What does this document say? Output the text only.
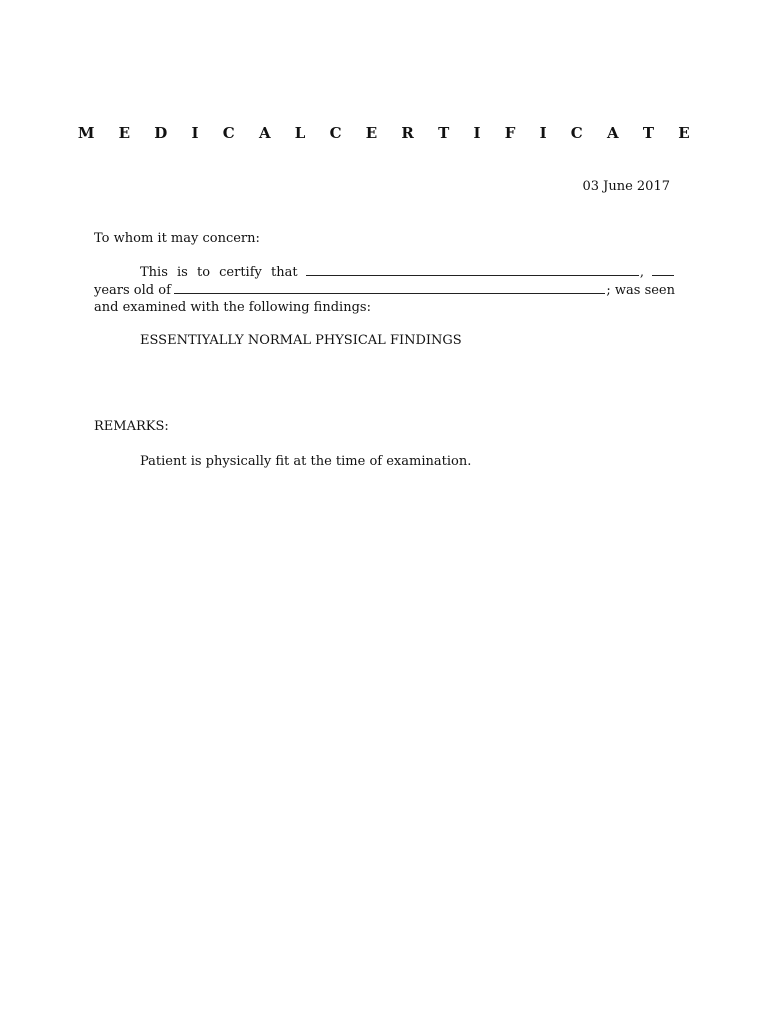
M E D I C A L C E R T I F I C A T E
03 June 2017
To whom it may concern:
This is to certify that	,
years old of	; was seen
and examined with the following findings:
ESSENTIYALLY NORMAL PHYSICAL FINDINGS
REMARKS:
Patient is physically fit at the time of examination.
